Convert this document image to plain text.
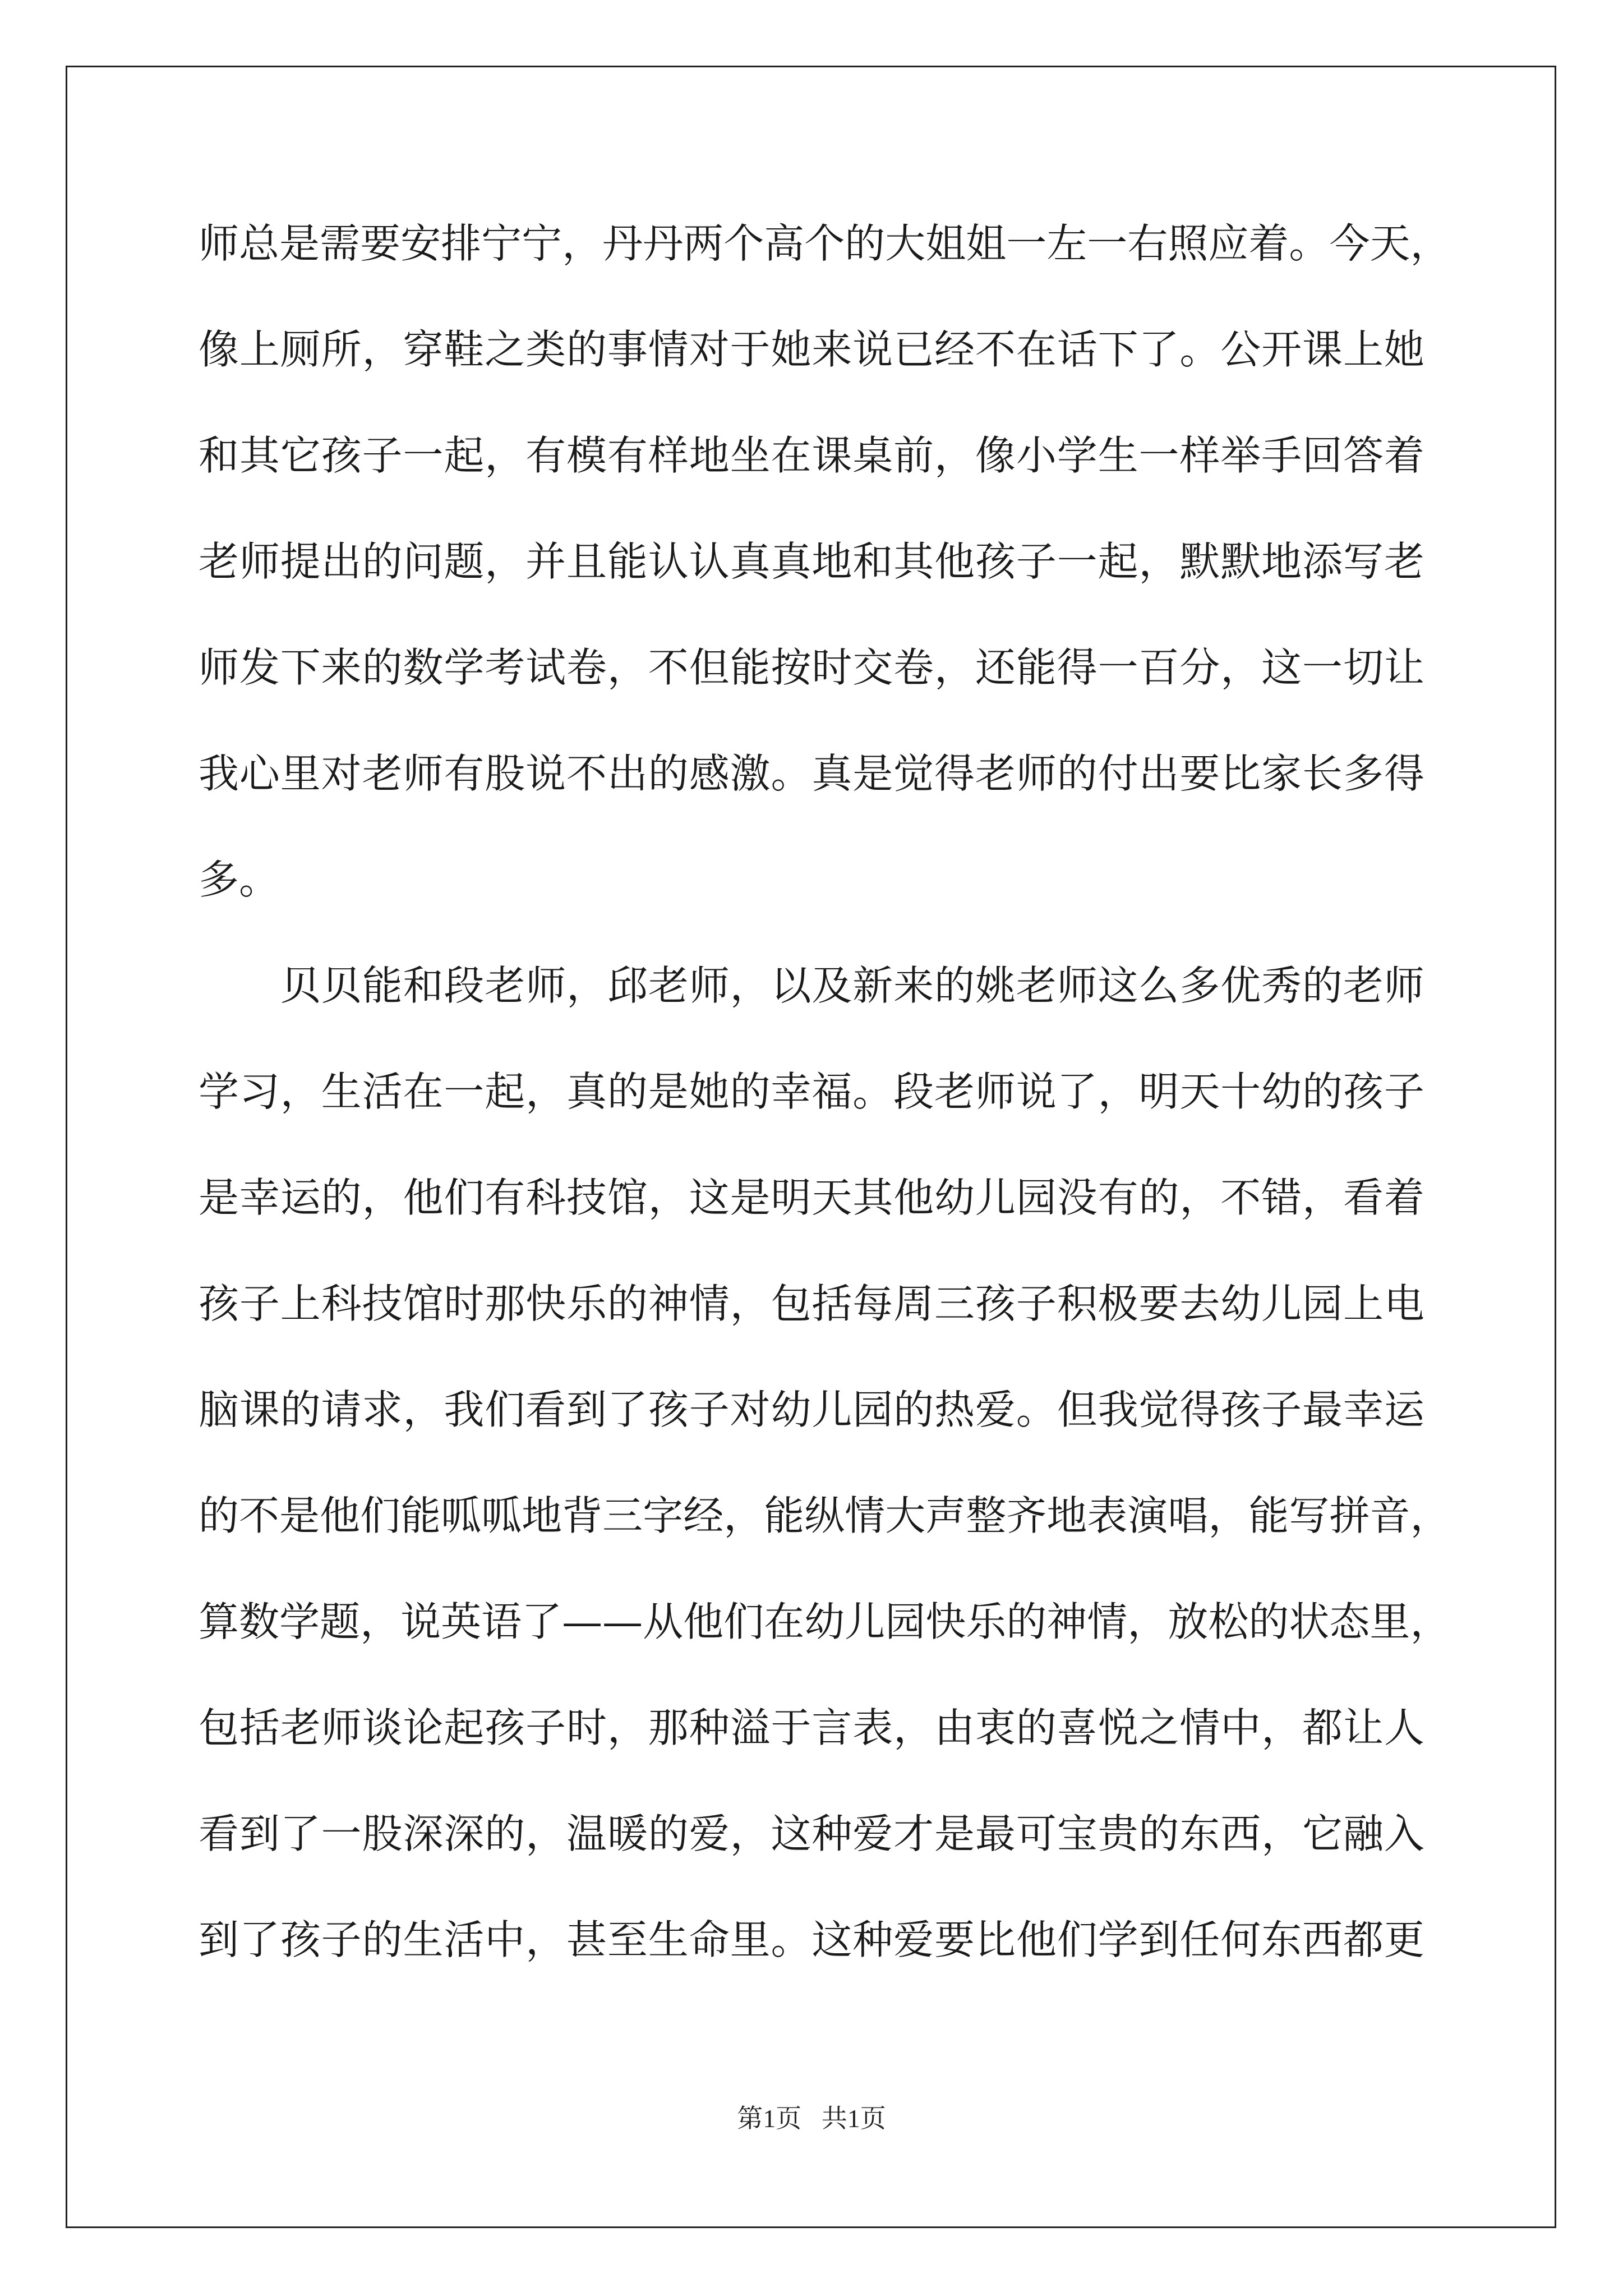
师 总 是 需 要 安 排 宁 宁 ， 丹 丹 两 个 高 个 的 大 姐 姐 一 左 一 右 照 应 着 。 今 天 ，
像 上 厕 所 ， 穿 鞋 之 类 的 事 情 对 于 她 来 说 已 经 不 在 话 下 了 。 公 开 课 上 她
和 其 它 孩 子 一 起 ， 有 模 有 样 地 坐 在 课 桌 前 ， 像 小 学 生 一 样 举 手 回 答 着
老 师 提 出 的 问 题 ， 并 且 能 认 认 真 真 地 和 其 他 孩 子 一 起 ， 默 默 地 添 写 老
师 发 下 来 的 数 学 考 试 卷 ， 不 但 能 按 时 交 卷 ， 还 能 得 一 百 分 ， 这 一 切 让
我 心 里 对 老 师 有 股 说 不 出 的 感 激 。 真 是 觉 得 老 师 的 付 出 要 比 家 长 多 得
多 。
贝 贝 能 和 段 老 师 ， 邱 老 师 ， 以 及 新 来 的 姚 老 师 这 么 多 优 秀 的 老 师
学 习 ， 生 活 在 一 起 ， 真 的 是 她 的 幸 福 。 段 老 师 说 了 ， 明 天 十 幼 的 孩 子
是 幸 运 的 ， 他 们 有 科 技 馆 ， 这 是 明 天 其 他 幼 儿 园 没 有 的 ， 不 错 ， 看 着
孩 子 上 科 技 馆 时 那 快 乐 的 神 情 ， 包 括 每 周 三 孩 子 积 极 要 去 幼 儿 园 上 电
脑 课 的 请 求 ， 我 们 看 到 了 孩 子 对 幼 儿 园 的 热 爱 。 但 我 觉 得 孩 子 最 幸 运
的 不 是 他 们 能 呱 呱 地 背 三 字 经 ， 能 纵 情 大 声 整 齐 地 表 演 唱 ， 能 写 拼 音 ，
算 数 学 题 ， 说 英 语 了 — — 从 他 们 在 幼 儿 园 快 乐 的 神 情 ， 放 松 的 状 态 里 ，
包 括 老 师 谈 论 起 孩 子 时 ， 那 种 溢 于 言 表 ， 由 衷 的 喜 悦 之 情 中 ， 都 让 人
看 到 了 一 股 深 深 的 ， 温 暖 的 爱 ， 这 种 爱 才 是 最 可 宝 贵 的 东 西 ， 它 融 入
到 了 孩 子 的 生 活 中 ， 甚 至 生 命 里 。 这 种 爱 要 比 他 们 学 到 任 何 东 西 都 更
第1页 共1页
